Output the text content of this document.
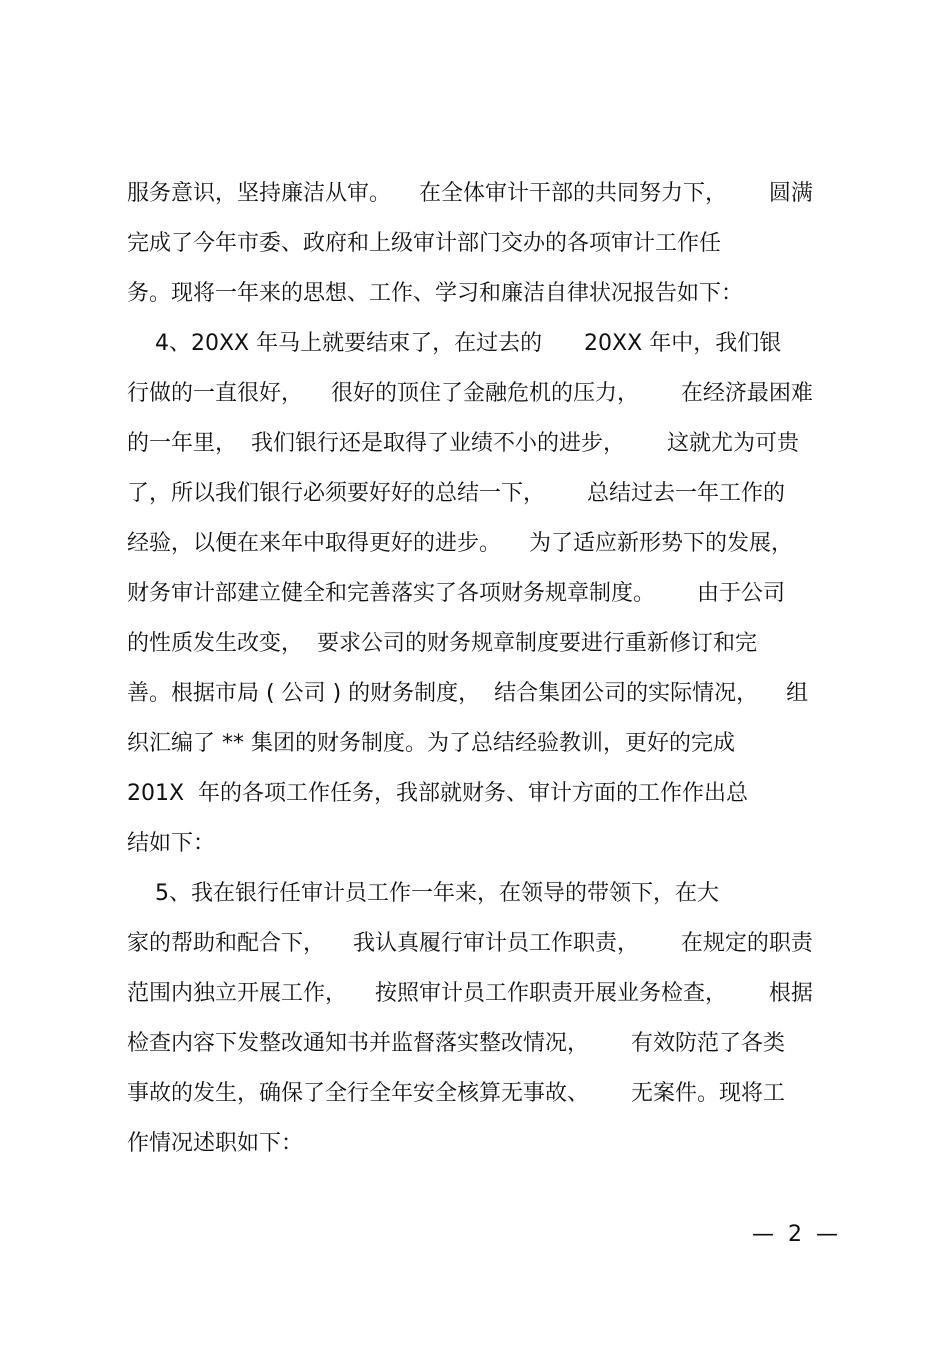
服务意识，坚持廉洁从审。    在全体审计干部的共同努力下，      圆满
完成了今年市委、政府和上级审计部门交办的各项审计工作任
务。现将一年来的思想、工作、学习和廉洁自律状况报告如下：
4、20XX 年马上就要结束了，在过去的      20XX 年中，我们银
行做的一直很好，    很好的顶住了金融危机的压力，      在经济最困难
的一年里，  我们银行还是取得了业绩不小的进步，      这就尤为可贵
了，所以我们银行必须要好好的总结一下，      总结过去一年工作的
经验，以便在来年中取得更好的进步。    为了适应新形势下的发展，
财务审计部建立健全和完善落实了各项财务规章制度。      由于公司
的性质发生改变，  要求公司的财务规章制度要进行重新修订和完
善。根据市局 ( 公司 ) 的财务制度，  结合集团公司的实际情况，    组
织汇编了 ** 集团的财务制度。为了总结经验教训，更好的完成
201X  年的各项工作任务，我部就财务、审计方面的工作作出总
结如下：
5、我在银行任审计员工作一年来，在领导的带领下，在大
家的帮助和配合下，    我认真履行审计员工作职责，      在规定的职责
范围内独立开展工作，    按照审计员工作职责开展业务检查，      根据
检查内容下发整改通知书并监督落实整改情况，      有效防范了各类
事故的发生，确保了全行全年安全核算无事故、      无案件。现将工
作情况述职如下：
—  2  —
